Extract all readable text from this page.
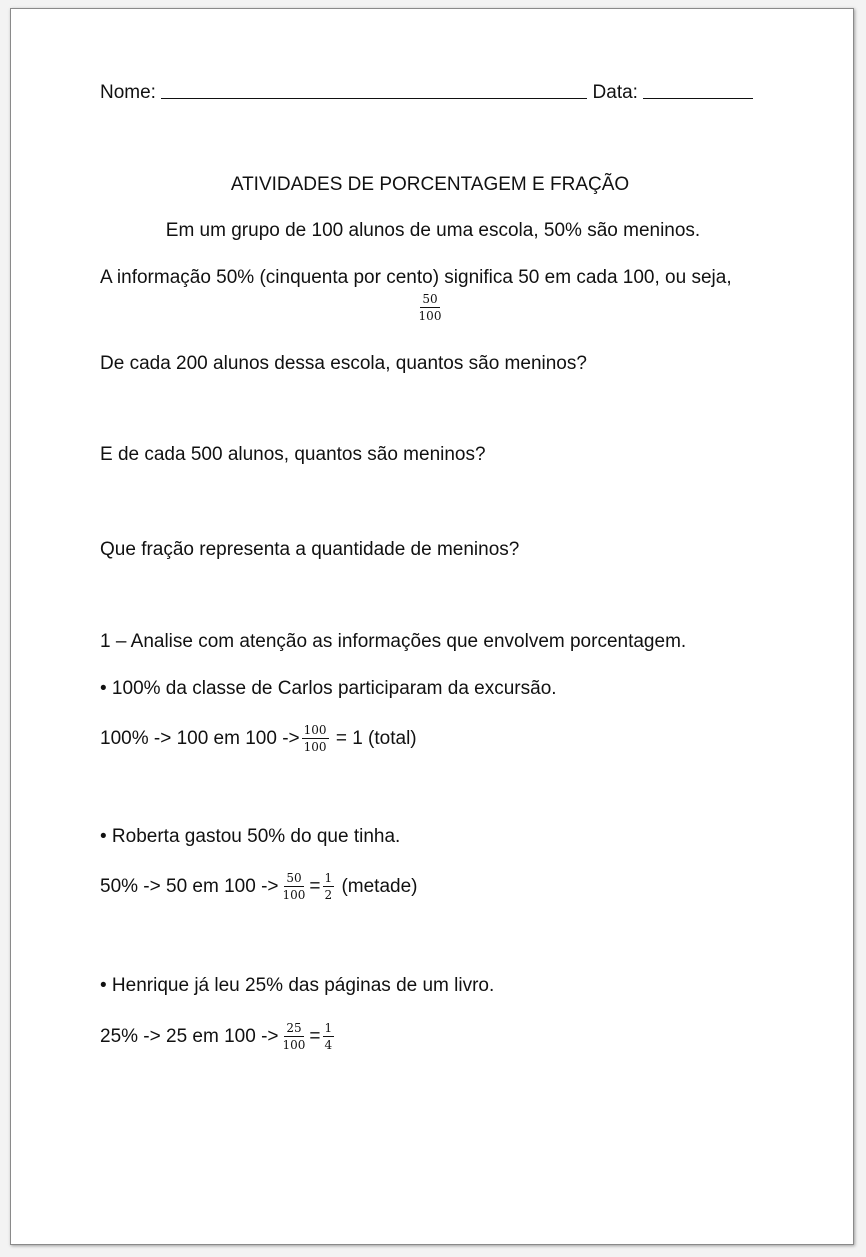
Nome:	Data:
ATIVIDADES DE PORCENTAGEM E FRAÇÃO
Em um grupo de 100 alunos de uma escola, 50% são meninos.
A informação 50% (cinquenta por cento) significa 50 em cada 100, ou seja,
$\frac{50}{100}$
De cada 200 alunos dessa escola, quantos são meninos?
E de cada 500 alunos, quantos são meninos?
Que fração representa a quantidade de meninos?
1 – Analise com atenção as informações que envolvem porcentagem.
• 100% da classe de Carlos participaram da excursão.
100% -> 100 em $100 -> \frac{100}{100} = 1$ (total)
• Roberta gastou 50% do que tinha.
50% -> 50 em $100 -> \frac{50}{100} = \frac{1}{2}$ (metade)
• Henrique já leu 25% das páginas de um livro.
25% -> 25 em $100 -> \frac{25}{100} = \frac{1}{4}$
